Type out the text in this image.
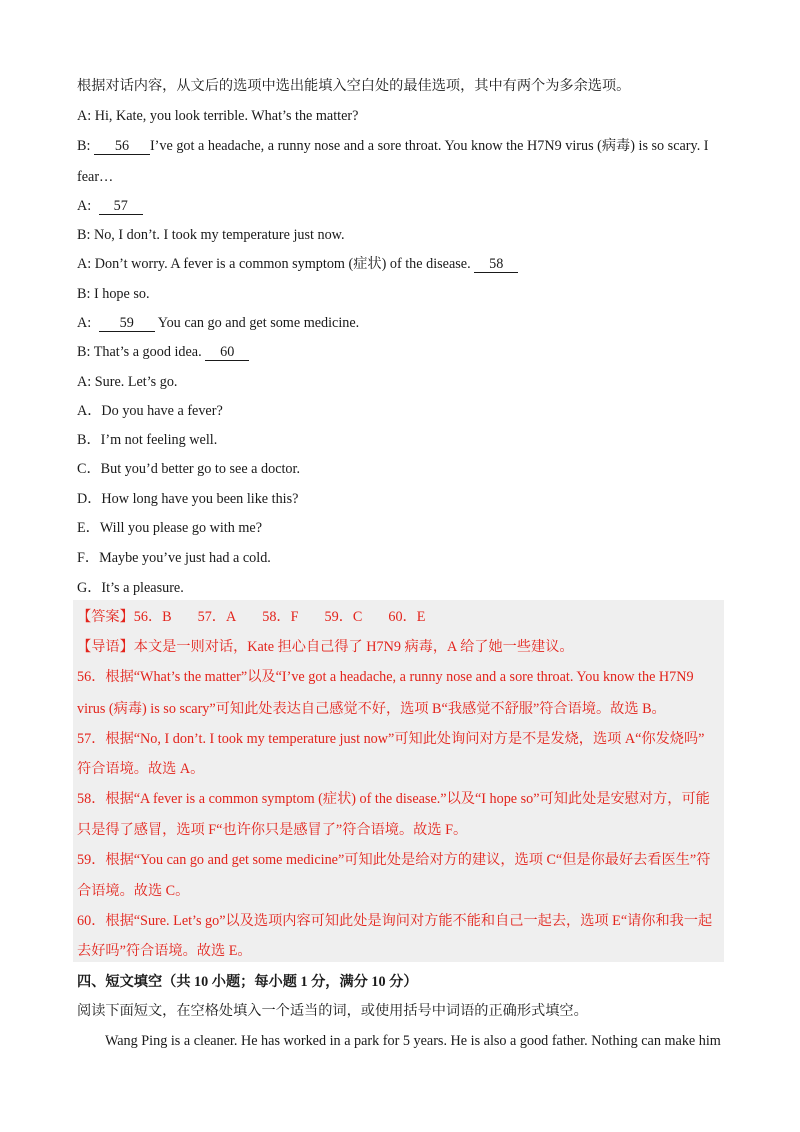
根据对话内容，从文后的选项中选出能填入空白处的最佳选项，其中有两个为多余选项。
A: Hi, Kate, you look terrible. What’s the matter?
B: 56 I’ve got a headache, a runny nose and a sore throat. You know the H7N9 virus (病毒) is so scary. I
fear…
A: 57
B: No, I don’t. I took my temperature just now.
A: Don’t worry. A fever is a common symptom (症状) of the disease. 58
B: I hope so.
A: 59 You can go and get some medicine.
B: That’s a good idea. 60
A: Sure. Let’s go.
A．Do you have a fever?
B．I’m not feeling well.
C．But you’d better go to see a doctor.
D．How long have you been like this?
E．Will you please go with me?
F．Maybe you’ve just had a cold.
G．It’s a pleasure.
【答案】56．B 57．A 58．F 59．C 60．E
【导语】本文是一则对话，Kate 担心自己得了 H7N9 病毒，A 给了她一些建议。
56．根据“What’s the matter”以及“I’ve got a headache, a runny nose and a sore throat. You know the H7N9
virus (病毒) is so scary”可知此处表达自己感觉不好，选项 B“我感觉不舒服”符合语境。故选 B。
57．根据“No, I don’t. I took my temperature just now”可知此处询问对方是不是发烧，选项 A“你发烧吗”
符合语境。故选 A。
58．根据“A fever is a common symptom (症状) of the disease.”以及“I hope so”可知此处是安慰对方，可能
只是得了感冒，选项 F“也许你只是感冒了”符合语境。故选 F。
59．根据“You can go and get some medicine”可知此处是给对方的建议，选项 C“但是你最好去看医生”符
合语境。故选 C。
60．根据“Sure. Let’s go”以及选项内容可知此处是询问对方能不能和自己一起去，选项 E“请你和我一起
去好吗”符合语境。故选 E。
四、短文填空（共 10 小题；每小题 1 分，满分 10 分）
阅读下面短文，在空格处填入一个适当的词，或使用括号中词语的正确形式填空。
Wang Ping is a cleaner. He has worked in a park for 5 years. He is also a good father. Nothing can make him
